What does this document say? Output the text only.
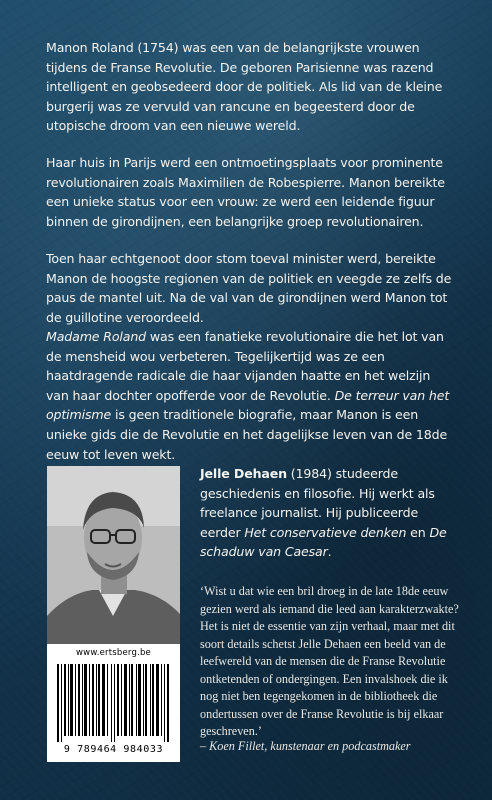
Manon Roland (1754) was een van de belangrijkste vrouwen tijdens de Franse Revolutie. De geboren Parisienne was razend intelligent en geobsedeerd door de politiek. Als lid van de kleine burgerij was ze vervuld van rancune en begeesterd door de utopische droom van een nieuwe wereld.
Haar huis in Parijs werd een ontmoetingsplaats voor prominente revolutionairen zoals Maximilien de Robespierre. Manon bereikte een unieke status voor een vrouw: ze werd een leidende figuur binnen de girondijnen, een belangrijke groep revolutionairen.
Toen haar echtgenoot door stom toeval minister werd, bereikte Manon de hoogste regionen van de politiek en veegde ze zelfs de paus de mantel uit. Na de val van de girondijnen werd Manon tot de guillotine veroordeeld.
Madame Roland was een fanatieke revolutionaire die het lot van de mensheid wou verbeteren. Tegelijkertijd was ze een haatdragende radicale die haar vijanden haatte en het welzijn van haar dochter opofferde voor de Revolutie. De terreur van het optimisme is geen traditionele biografie, maar Manon is een unieke gids die de Revolutie en het dagelijkse leven van de 18de eeuw tot leven wekt.
Jelle Dehaen (1984) studeerde geschiedenis en filosofie. Hij werkt als freelance journalist. Hij publiceerde eerder Het conservatieve denken en De schaduw van Caesar.
‘Wist u dat wie een bril droeg in de late 18de eeuw gezien werd als iemand die leed aan karakterzwakte? Het is niet de essentie van zijn verhaal, maar met dit soort details schetst Jelle Dehaen een beeld van de leefwereld van de mensen die de Franse Revolutie ontketenden of ondergingen. Een invalshoek die ik nog niet ben tegengekomen in de bibliotheek die ondertussen over de Franse Revolutie is bij elkaar geschreven.’
– Koen Fillet, kunstenaar en podcastmaker
www.ertsberg.be
9 789464 984033
